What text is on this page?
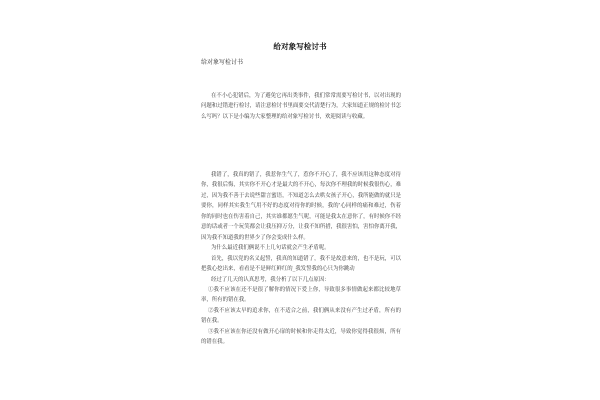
给对象写检讨书
给对象写检讨书

在不小心犯错后，为了避免它再出类事件，我们常常需要写检讨书，以对出现的问题和过错进行检讨，请注意检讨书里面要交代清楚行为，大家知道正规的检讨书怎么写吗？以下是小编为大家整理的给对象写检讨书，欢迎阅读与收藏。

我错了，我真的错了，我惹你生气了，惹你不开心了，我不应该用这种态度对待你，我很后悔，其实你不开心才是最大的不开心，每次你不理我的时候我很伤心，难过，因为我不善于去说些甜言蜜语，不知道怎么去哄女孩子开心，我所能做的就只是要你，同样其实我生气用不好的态度对待你的时候，我的’心同样的痛和难过，伤着你的同时也在伤害着自己，其实谁都愿生气呢，可能是我太在意你了，有时候你不经意的话或者一个玩笑都会让我压抑万分，让我不知所措，我很害怕，害怕你离开我，因为我不知道我的世界少了你会变成什么样。

为什么最近我们俩说不上几句话就会产生矛盾呢。

首先，我以党的名义起誓，我真的知道错了，我不是故意来的，也不是玩，可以把我心挖出来，看看是不是鲜红鲜红的_我发誓我的心只为你跳动

经过了几天的认真思考，我分析了以下几点原因：

①我不应该在还不是很了解你的情况下爱上你，导致很多事情做起来都比较地草率，所有的错在我。

②我不应该太早的追求你，在不适合之前，我们俩从来没有产生过矛盾，所有的错在我。

③我不应该在你还没有做开心扉的时候和你走得太近，导致你觉得我很烦，所有的错在我。
